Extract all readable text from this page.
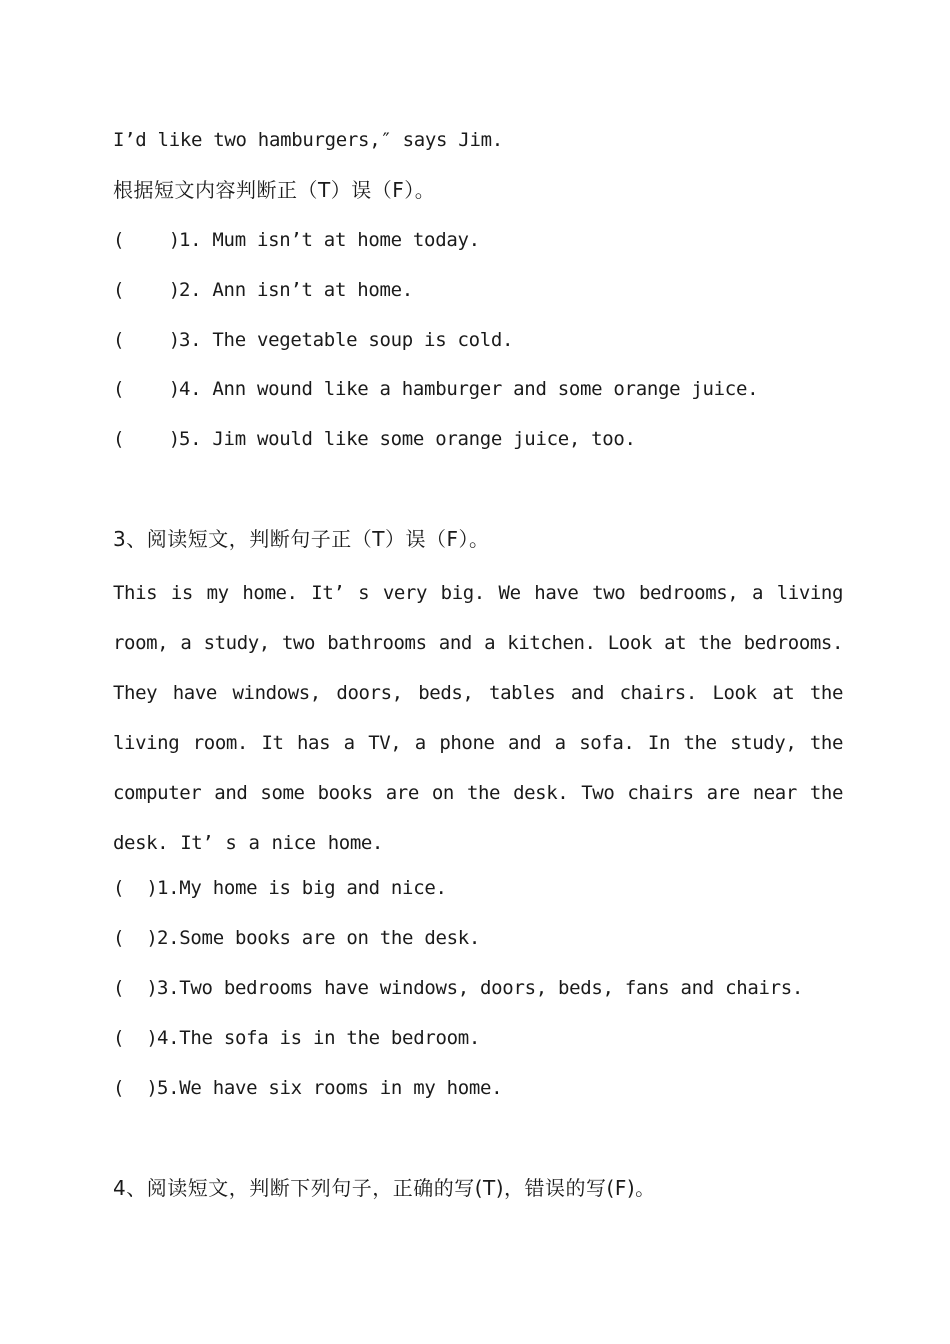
I’d like two hamburgers,″ says Jim.
根据短文内容判断正（T）误（F）。
(    )1. Mum isn’t at home today.
(    )2. Ann isn’t at home.
(    )3. The vegetable soup is cold.
(    )4. Ann wound like a hamburger and some orange juice.
(    )5. Jim would like some orange juice, too.
3、阅读短文，判断句子正（T）误（F）。
This is my home. It’ s very big. We have two bedrooms, a living room, a study, two bathrooms and a kitchen. Look at the bedrooms. They have windows, doors, beds, tables and chairs. Look at the living room. It has a TV, a phone and a sofa. In the study, the computer and some books are on the desk. Two chairs are near the desk. It’ s a nice home.
(  )1.My home is big and nice.
(  )2.Some books are on the desk.
(  )3.Two bedrooms have windows, doors, beds, fans and chairs.
(  )4.The sofa is in the bedroom.
(  )5.We have six rooms in my home.
4、阅读短文，判断下列句子，正确的写(T)，错误的写(F)。
